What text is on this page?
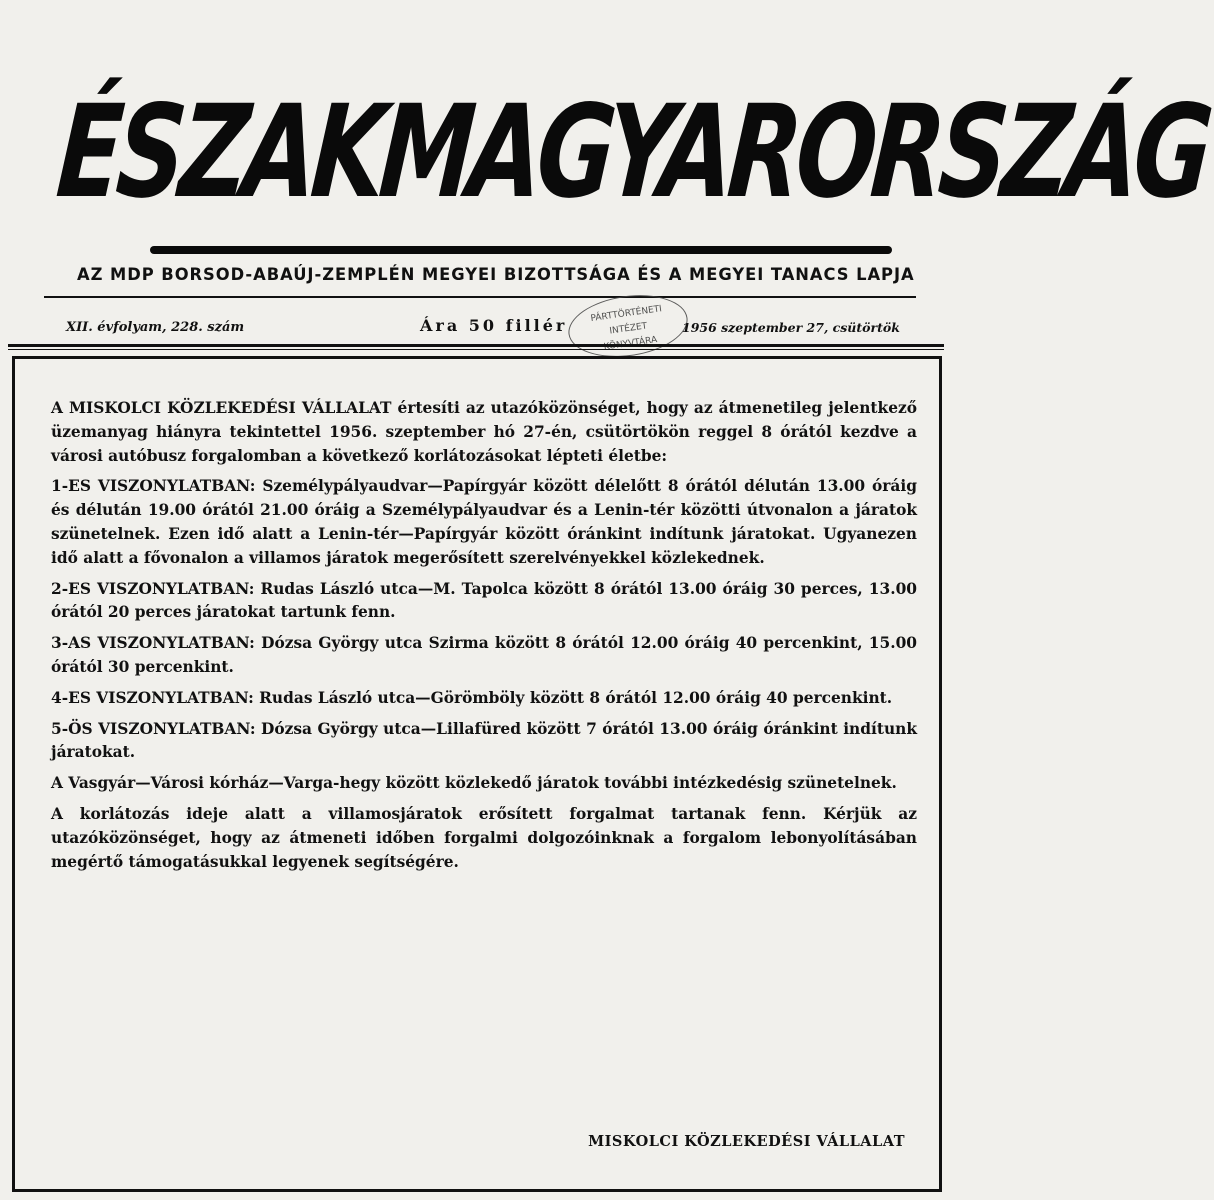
ÉSZAKMAGYARORSZÁG
AZ MDP BORSOD-ABAÚJ-ZEMPLÉN MEGYEI BIZOTTSÁGA ÉS A MEGYEI TANACS LAPJA
XII. évfolyam, 228. szám	Ára 50 fillér
PÁRTTÖRTÉNETI
INTÉZET	1956 szeptember 27, csütörtök

A MISKOLCI KÖZLEKEDÉSI VÁLLALAT értesíti az utazóközönséget, hogy az átmenetileg jelentkező üzemanyag hiányra tekintettel 1956. szeptember hó 27-én, csütörtökön reggel 8 órától kezdve a városi autóbusz forgalomban a következő korlátozásokat lépteti életbe:

1-ES VISZONYLATBAN: Személypályaudvar—Papírgyár között délelőtt 8 órától délután 13.00 óráig és délután 19.00 órától 21.00 óráig a Személypályaudvar és a Lenin-tér közötti útvonalon a járatok szünetelnek. Ezen idő alatt a Lenin-tér—Papírgyár között óránkint indítunk járatokat. Ugyanezen idő alatt a fővonalon a villamos járatok megerősített szerelvényekkel közlekednek.

2-ES VISZONYLATBAN: Rudas László utca—M. Tapolca között 8 órától 13.00 óráig 30 perces, 13.00 órától 20 perces járatokat tartunk fenn.

3-AS VISZONYLATBAN: Dózsa György utca Szirma között 8 órától 12.00 óráig 40 percenkint, 15.00 órától 30 percenkint.

4-ES VISZONYLATBAN: Rudas László utca—Görömböly között 8 órától 12.00 óráig 40 percenkint.

5-ÖS VISZONYLATBAN: Dózsa György utca—Lillafüred között 7 órától 13.00 óráig óránkint indítunk járatokat.

A Vasgyár—Városi kórház—Varga-hegy között közlekedő járatok további intézkedésig szünetelnek.

A korlátozás ideje alatt a villamosjáratok erősített forgalmat tartanak fenn. Kérjük az utazóközönséget, hogy az átmeneti időben forgalmi dolgozóinknak a forgalom lebonyolításában megértő támogatásukkal legyenek segítségére.

MISKOLCI KÖZLEKEDÉSI VÁLLALAT
